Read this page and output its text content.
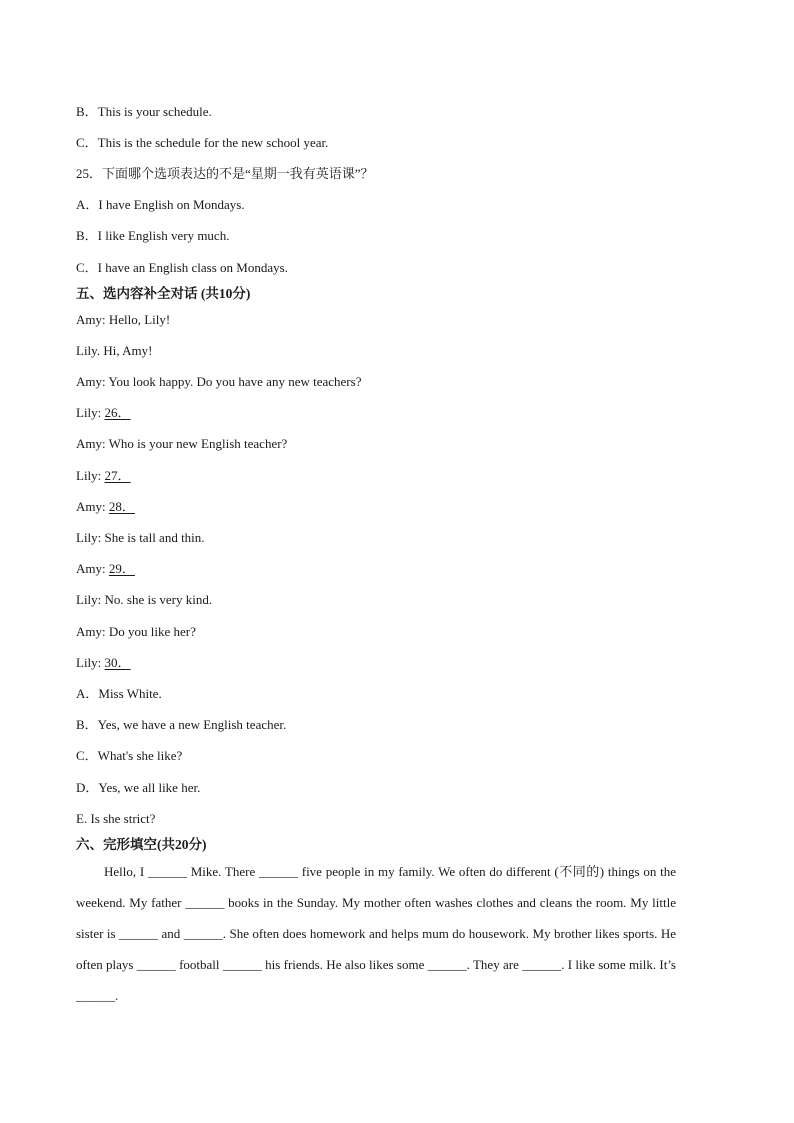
B．This is your schedule.
C．This is the schedule for the new school year.
25．下面哪个选项表达的不是“星期一我有英语课”？
A．I have English on Mondays.
B．I like English very much.
C．I have an English class on Mondays.
五、选内容补全对话 (共10分)
Amy: Hello, Lily!
Lily. Hi, Amy!
Amy: You look happy. Do you have any new teachers?
Lily: 26．
Amy: Who is your new English teacher?
Lily: 27．
Amy: 28．
Lily: She is tall and thin.
Amy: 29．
Lily: No. she is very kind.
Amy: Do you like her?
Lily: 30．
A．Miss White.
B．Yes, we have a new English teacher.
C．What's she like?
D．Yes, we all like her.
E. Is she strict?
六、完形填空(共20分)
Hello, I ______ Mike. There ______ five people in my family. We often do different (不同的) things on the weekend. My father ______ books in the Sunday. My mother often washes clothes and cleans the room. My little sister is ______ and ______. She often does homework and helps mum do housework. My brother likes sports. He often plays ______ football ______ his friends. He also likes some ______. They are ______. I like some milk. It’s ______.
